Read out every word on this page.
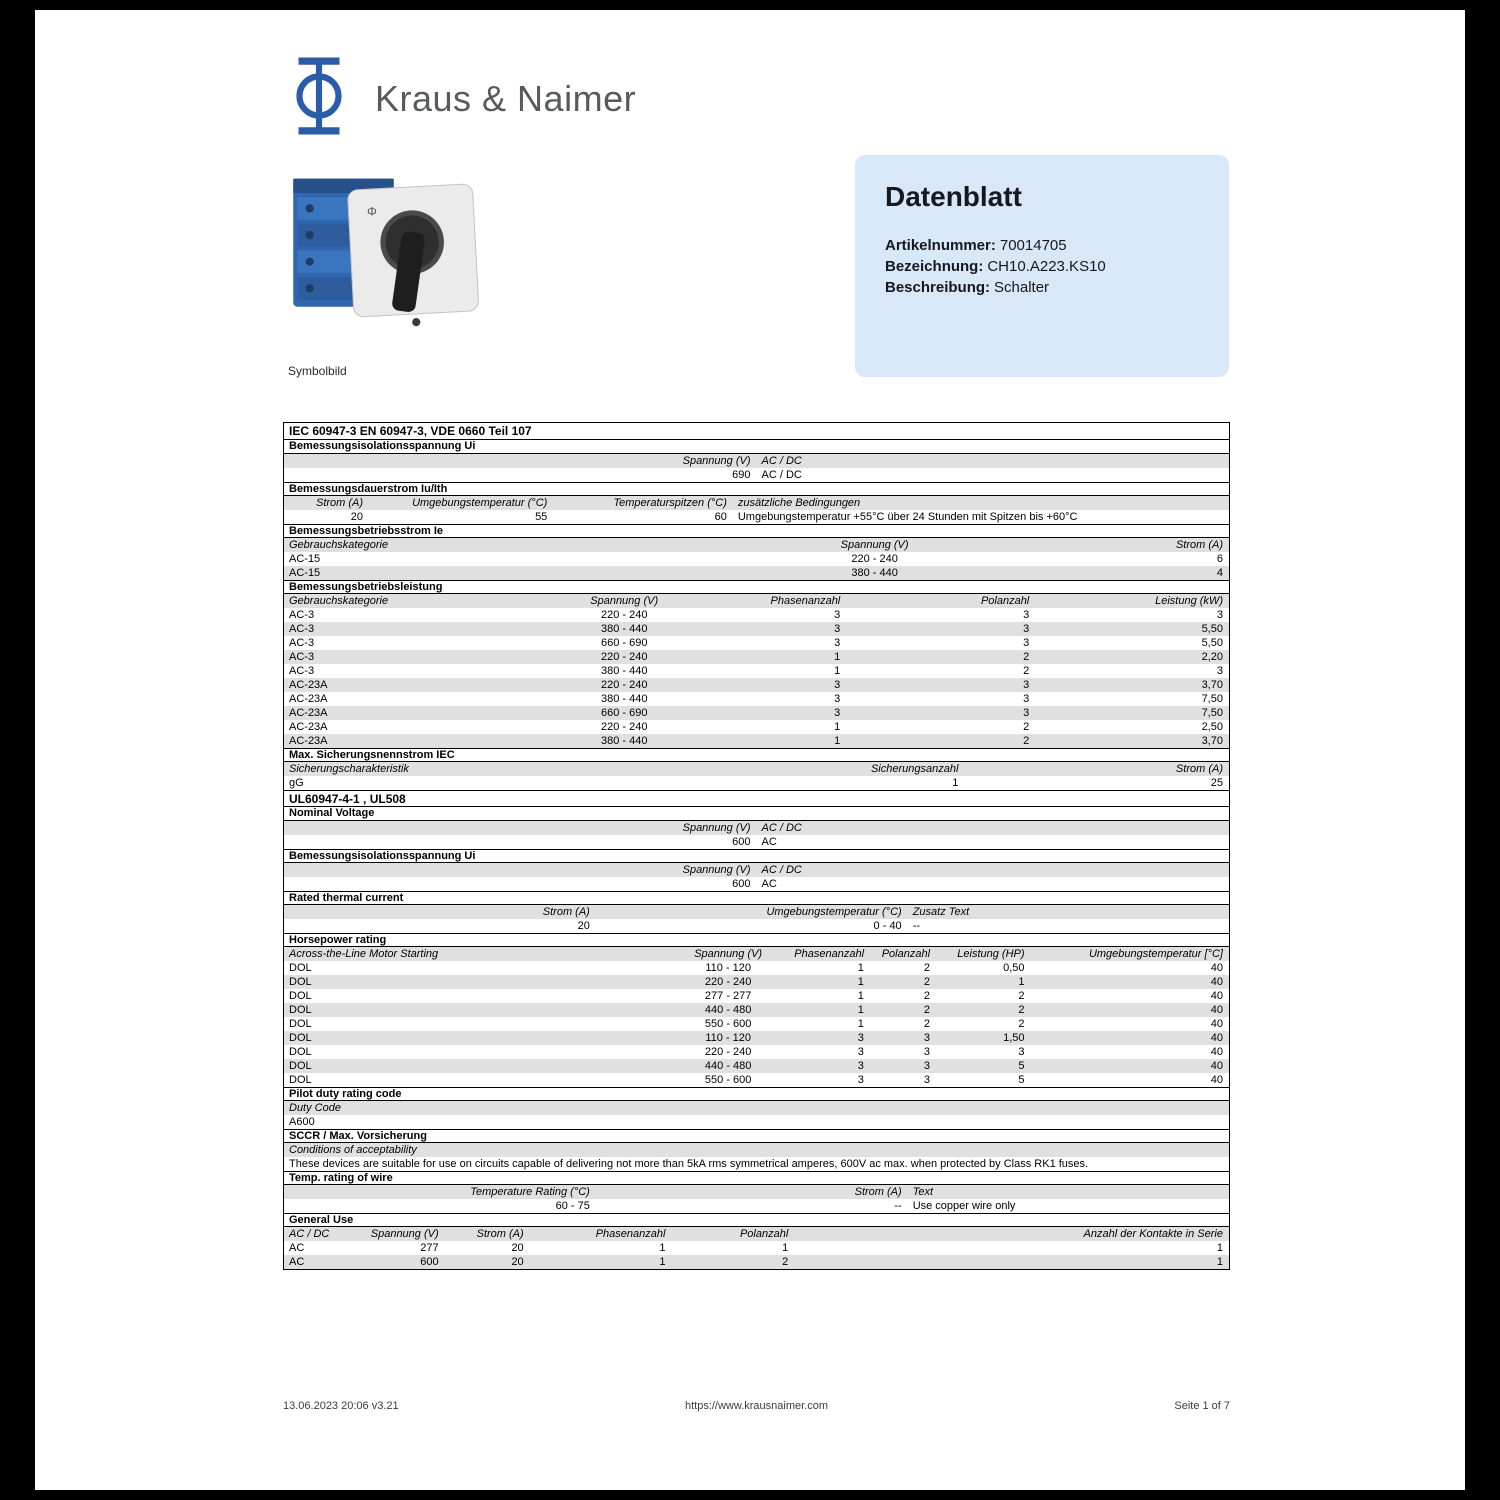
Kraus & Naimer
Φ
Symbolbild
Datenblatt
Artikelnummer: 70014705
Bezeichnung: CH10.A223.KS10
Beschreibung: Schalter
IEC 60947-3 EN 60947-3, VDE 0660 Teil 107
Bemessungsisolationsspannung Ui
Spannung (V)	AC / DC
690	AC / DC
Bemessungsdauerstrom Iu/Ith
Strom (A)	Umgebungstemperatur (°C)	Temperaturspitzen (°C)	zusätzliche Bedingungen
20	55	60	Umgebungstemperatur +55°C über 24 Stunden mit Spitzen bis +60°C
Bemessungsbetriebsstrom Ie
Gebrauchskategorie	Spannung (V)	Strom (A)
AC-15	220 - 240	6
AC-15	380 - 440	4
Bemessungsbetriebsleistung
Gebrauchskategorie	Spannung (V)	Phasenanzahl	Polanzahl	Leistung (kW)
AC-3	220 - 240	3	3	3
AC-3	380 - 440	3	3	5,50
AC-3	660 - 690	3	3	5,50
AC-3	220 - 240	1	2	2,20
AC-3	380 - 440	1	2	3
AC-23A	220 - 240	3	3	3,70
AC-23A	380 - 440	3	3	7,50
AC-23A	660 - 690	3	3	7,50
AC-23A	220 - 240	1	2	2,50
AC-23A	380 - 440	1	2	3,70
Max. Sicherungsnennstrom IEC
Sicherungscharakteristik	Sicherungsanzahl	Strom (A)
gG	1	25
UL60947-4-1 , UL508
Nominal Voltage
Spannung (V)	AC / DC
600	AC
Bemessungsisolationsspannung Ui
Spannung (V)	AC / DC
600	AC
Rated thermal current
Strom (A)	Umgebungstemperatur (°C)	Zusatz Text
20	0 - 40	--
Horsepower rating
Across-the-Line Motor Starting	Spannung (V)	Phasenanzahl	Polanzahl	Leistung (HP)	Umgebungstemperatur [°C]
DOL	110 - 120	1	2	0,50	40
DOL	220 - 240	1	2	1	40
DOL	277 - 277	1	2	2	40
DOL	440 - 480	1	2	2	40
DOL	550 - 600	1	2	2	40
DOL	110 - 120	3	3	1,50	40
DOL	220 - 240	3	3	3	40
DOL	440 - 480	3	3	5	40
DOL	550 - 600	3	3	5	40
Pilot duty rating code
Duty Code
A600
SCCR / Max. Vorsicherung
Conditions of acceptability
These devices are suitable for use on circuits capable of delivering not more than 5kA rms symmetrical amperes, 600V ac max. when protected by Class RK1 fuses.
Temp. rating of wire
Temperature Rating (°C)	Strom (A)	Text
60 - 75	--	Use copper wire only
General Use
AC / DC	Spannung (V)	Strom (A)	Phasenanzahl	Polanzahl	Anzahl der Kontakte in Serie
AC	277	20	1	1	1
AC	600	20	1	2	1
13.06.2023 20:06 v3.21	https://www.krausnaimer.com	Seite 1 of 7
